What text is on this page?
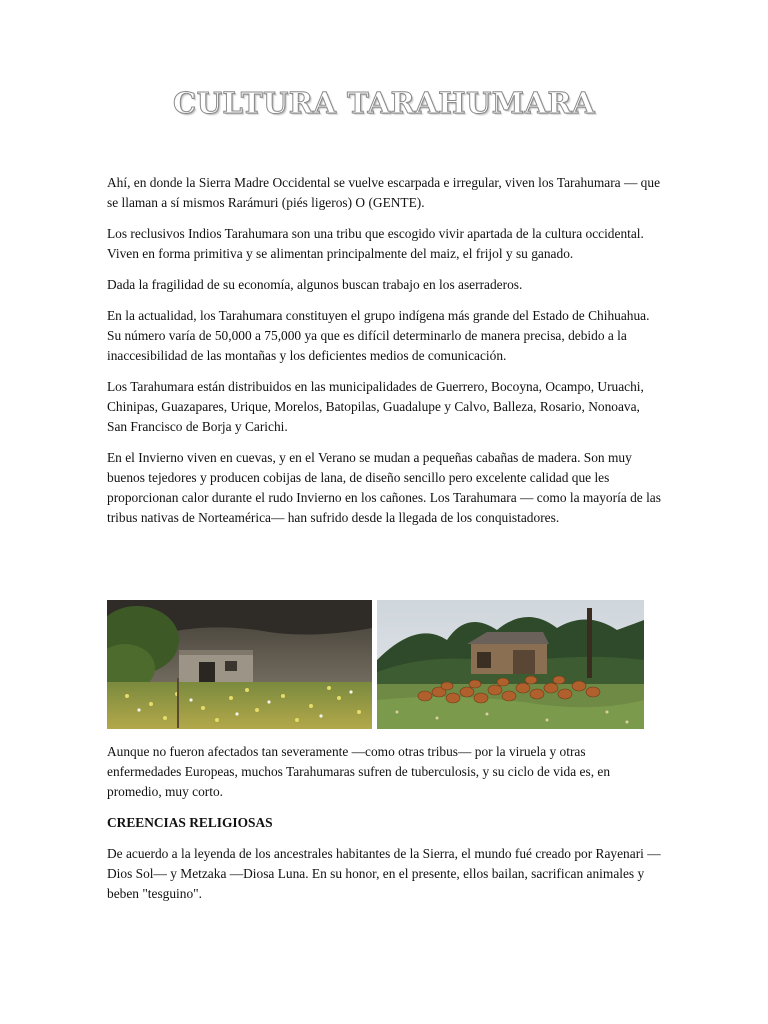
CULTURA TARAHUMARA

Ahí, en donde la Sierra Madre Occidental se vuelve escarpada e irregular, viven los Tarahumara — que se llaman a sí mismos Rarámuri (piés ligeros) O (GENTE).

Los reclusivos Indios Tarahumara son una tribu que escogido vivir apartada de la cultura occidental. Viven en forma primitiva y se alimentan principalmente del maiz, el frijol y su ganado.

Dada la fragilidad de su economía, algunos buscan trabajo en los aserraderos.

En la actualidad, los Tarahumara constituyen el grupo indígena más grande del Estado de Chihuahua. Su número varía de 50,000 a 75,000 ya que es difícil determinarlo de manera precisa, debido a la inaccesibilidad de las montañas y los deficientes medios de comunicación.

Los Tarahumara están distribuidos en las municipalidades de Guerrero, Bocoyna, Ocampo, Uruachi, Chinipas, Guazapares, Urique, Morelos, Batopilas, Guadalupe y Calvo, Balleza, Rosario, Nonoava, San Francisco de Borja y Carichi.

En el Invierno viven en cuevas, y en el Verano se mudan a pequeñas cabañas de madera. Son muy buenos tejedores y producen cobijas de lana, de diseño sencillo pero excelente calidad que les proporcionan calor durante el rudo Invierno en los cañones. Los Tarahumara — como la mayoría de las tribus nativas de Norteamérica— han sufrido desde la llegada de los conquistadores.

Aunque no fueron afectados tan severamente —como otras tribus— por la viruela y otras enfermedades Europeas, muchos Tarahumaras sufren de tuberculosis, y su ciclo de vida es, en promedio, muy corto.

CREENCIAS RELIGIOSAS

De acuerdo a la leyenda de los ancestrales habitantes de la Sierra, el mundo fué creado por Rayenari —Dios Sol— y Metzaka —Diosa Luna. En su honor, en el presente, ellos bailan, sacrifican animales y beben "tesguino".
